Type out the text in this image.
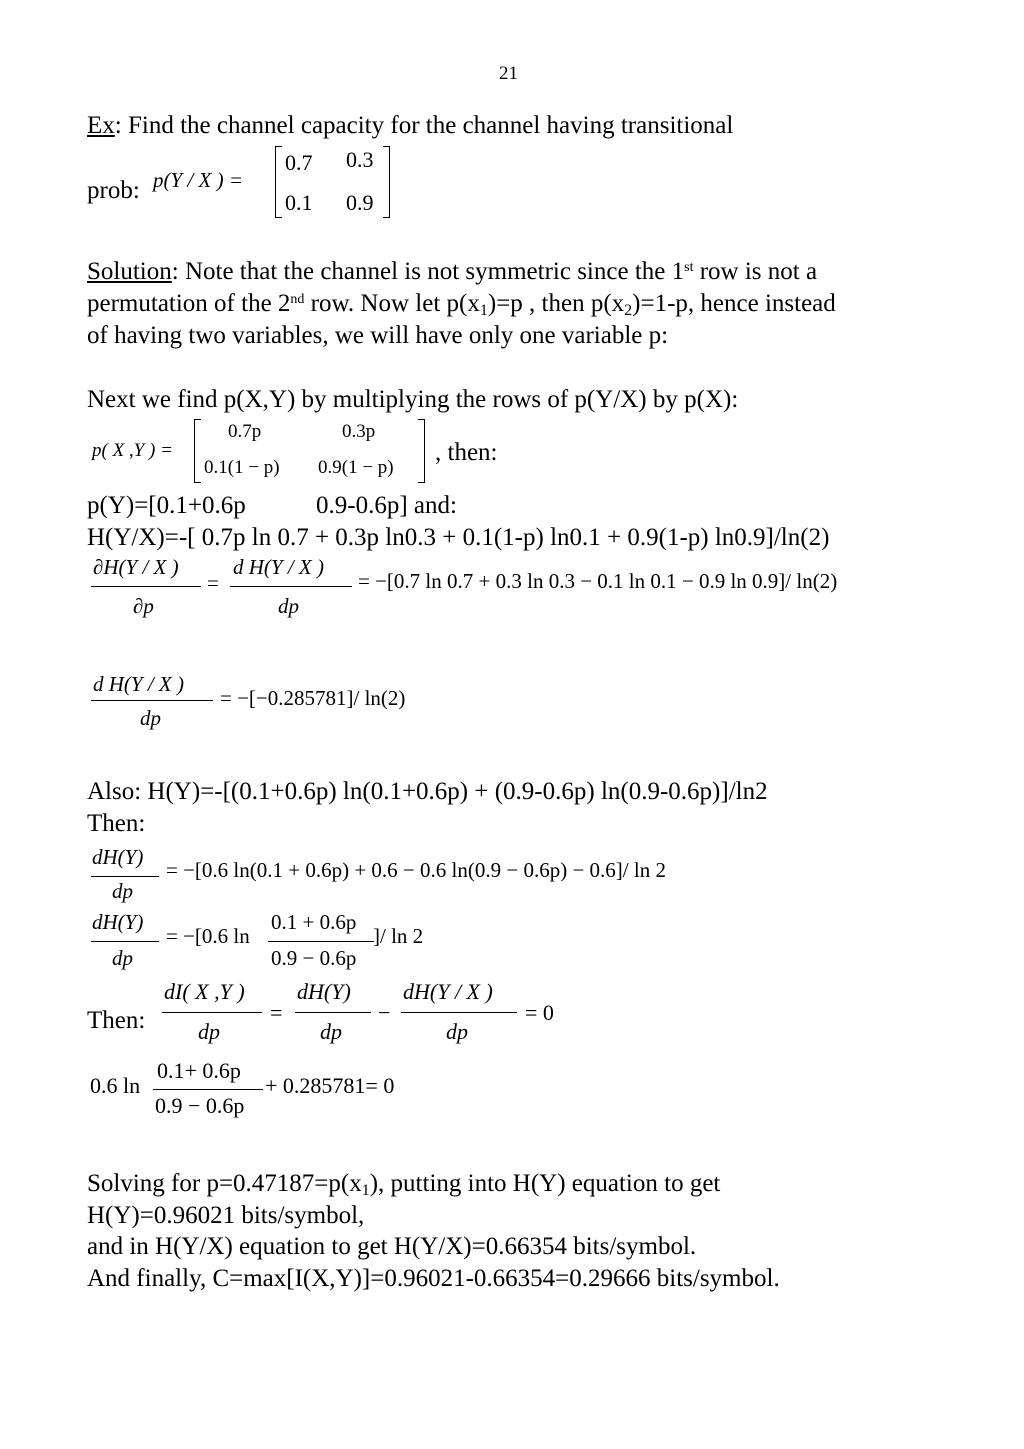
21
Ex: Find the channel capacity for the channel having transitional
prob: p(Y / X ) =
0.7 0.3
0.1 0.9
Solution: Note that the channel is not symmetric since the 1st row is not a
permutation of the 2nd row. Now let $p(x_1)=p$ , then $p(x_2)=1-p$, hence instead
of having two variables, we will have only one variable p:
Next we find p(X,Y) by multiplying the rows of p(Y/X) by p(X):
p( X ,Y ) =
0.7p	0.3p
0.1(1 − p) 0.9(1 − p)
, then:
p(Y)=[0.1+0.6p	0.9-0.6p] and:
H(Y/X)=-[ 0.7p ln 0.7 + 0.3p ln0.3 + 0.1(1-p) ln0.1 + 0.9(1-p) ln0.9]/ln(2)
∂H(Y / X )
∂p
=
d H(Y / X )
dp
= −[0.7 ln 0.7 + 0.3 ln 0.3 − 0.1 ln 0.1 − 0.9 ln 0.9]/ ln(2)
d H(Y / X )
dp
= −[−0.285781]/ ln(2)
Also: H(Y)=-[(0.1+0.6p) ln(0.1+0.6p) + (0.9-0.6p) ln(0.9-0.6p)]/ln2
Then:
dH(Y)
dp
= −[0.6 ln(0.1 + 0.6p) + 0.6 − 0.6 ln(0.9 − 0.6p) − 0.6]/ ln 2
dH(Y)
dp
= −[0.6 ln
0.1 + 0.6p
0.9 − 0.6p
]/ ln 2
Then:
dI( X ,Y )
dp
=
dH(Y)
dp
−
dH(Y / X )
dp
= 0
0.6 ln
0.1+ 0.6p
0.9 − 0.6p
+ 0.285781= 0
Solving for $p=0.47187=p(x_1)$, putting into H(Y) equation to get
H(Y)=0.96021 bits/symbol,
and in H(Y/X) equation to get H(Y/X)=0.66354 bits/symbol.
And finally, C=max[I(X,Y)]=0.96021-0.66354=0.29666 bits/symbol.
